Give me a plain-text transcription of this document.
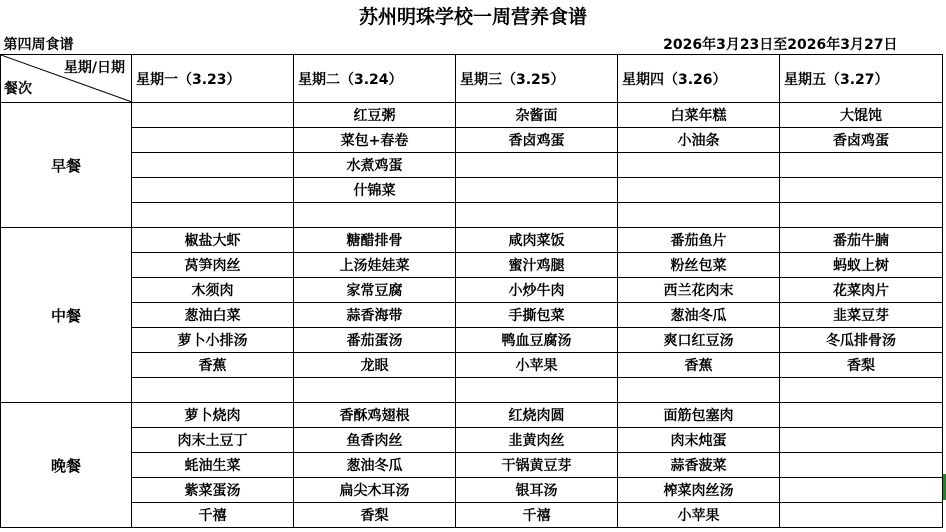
苏州明珠学校一周营养食谱
第四周食谱			2026年3月23日至2026年3月27日		

星期/日期
餐次	星期一（3.23）	星期二（3.24）	星期三（3.25）	星期四（3.26）	星期五（3.27）
早餐		红豆粥	杂酱面	白菜年糕	大馄饨
		菜包+春卷	香卤鸡蛋	小油条	香卤鸡蛋
		水煮鸡蛋			
		什锦菜			

中餐	椒盐大虾	糖醋排骨	咸肉菜饭	番茄鱼片	番茄牛腩
	莴笋肉丝	上汤娃娃菜	蜜汁鸡腿	粉丝包菜	蚂蚁上树
	木须肉	家常豆腐	小炒牛肉	西兰花肉末	花菜肉片
	葱油白菜	蒜香海带	手撕包菜	葱油冬瓜	韭菜豆芽
	萝卜小排汤	番茄蛋汤	鸭血豆腐汤	爽口红豆汤	冬瓜排骨汤
	香蕉	龙眼	小苹果	香蕉	香梨

晚餐	萝卜烧肉	香酥鸡翅根	红烧肉圆	面筋包塞肉	
	肉末土豆丁	鱼香肉丝	韭黄肉丝	肉末炖蛋	
	蚝油生菜	葱油冬瓜	干锅黄豆芽	蒜香菠菜	
	紫菜蛋汤	扁尖木耳汤	银耳汤	榨菜肉丝汤	
	千禧	香梨	千禧	小苹果	
